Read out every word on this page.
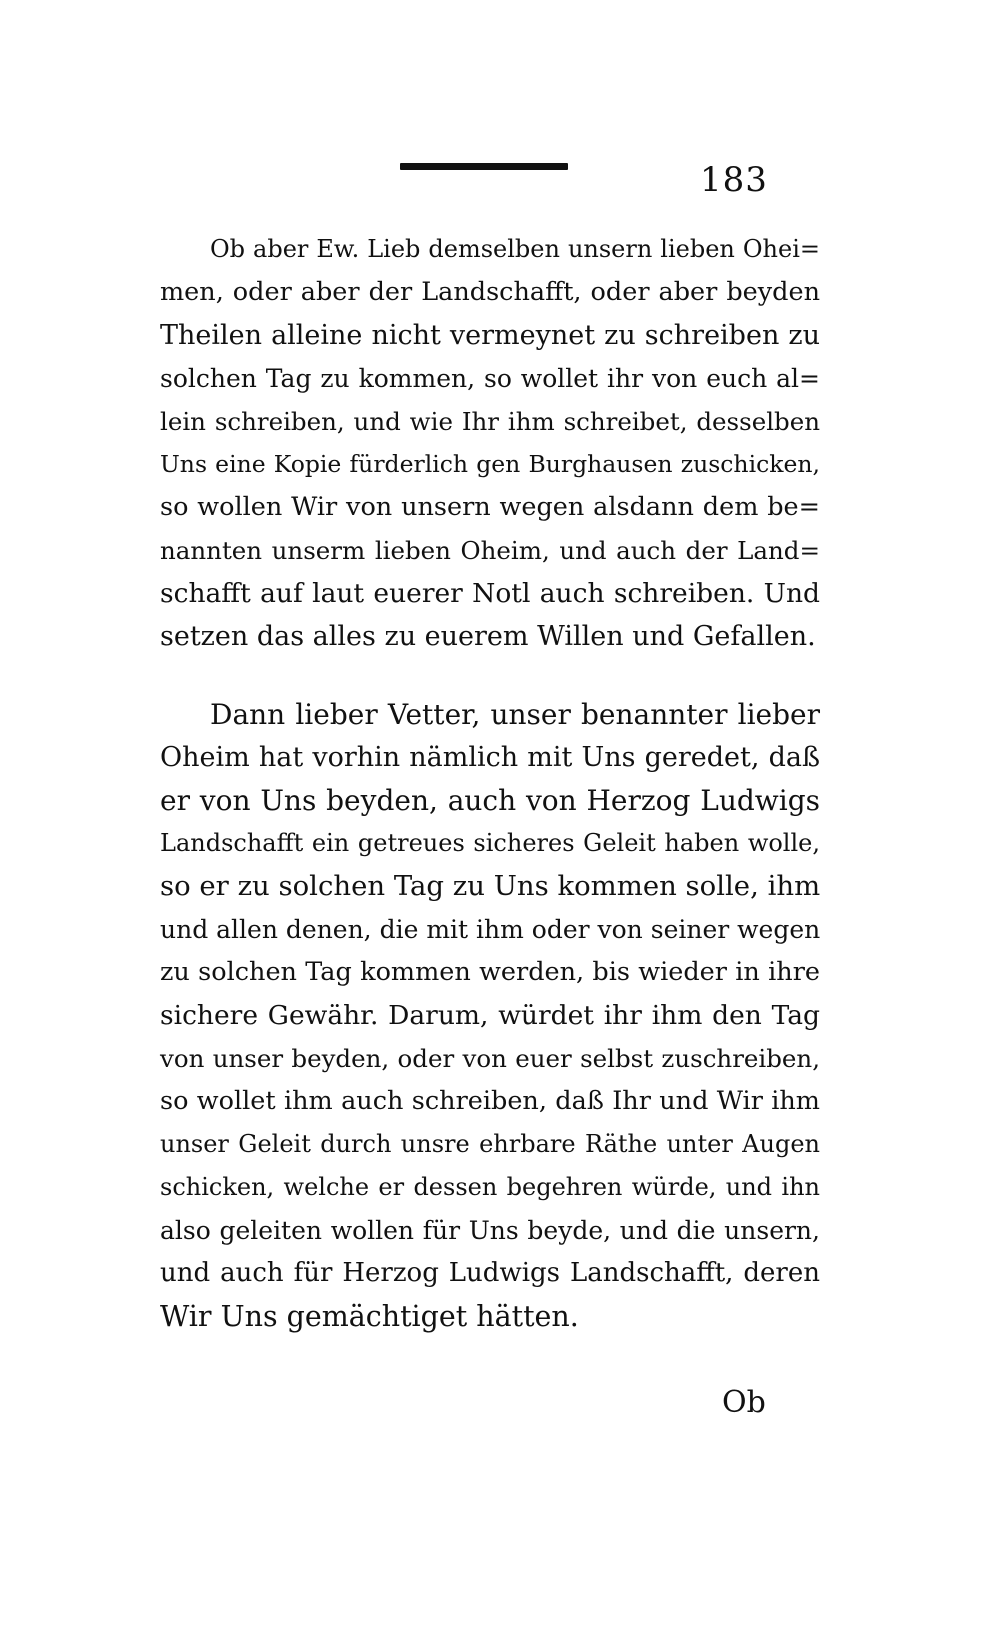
183
Ob aber Ew. Lieb demselben unsern lieben Ohei=
men, oder aber der Landschafft, oder aber beyden
Theilen alleine nicht vermeynet zu schreiben zu
solchen Tag zu kommen, so wollet ihr von euch al=
lein schreiben, und wie Ihr ihm schreibet, desselben
Uns eine Kopie fürderlich gen Burghausen zuschicken,
so wollen Wir von unsern wegen alsdann dem be=
nannten unserm lieben Oheim, und auch der Land=
schafft auf laut euerer Notl auch schreiben. Und
setzen das alles zu euerem Willen und Gefallen.
Dann lieber Vetter, unser benannter lieber
Oheim hat vorhin nämlich mit Uns geredet, daß
er von Uns beyden, auch von Herzog Ludwigs
Landschafft ein getreues sicheres Geleit haben wolle,
so er zu solchen Tag zu Uns kommen solle, ihm
und allen denen, die mit ihm oder von seiner wegen
zu solchen Tag kommen werden, bis wieder in ihre
sichere Gewähr. Darum, würdet ihr ihm den Tag
von unser beyden, oder von euer selbst zuschreiben,
so wollet ihm auch schreiben, daß Ihr und Wir ihm
unser Geleit durch unsre ehrbare Räthe unter Augen
schicken, welche er dessen begehren würde, und ihn
also geleiten wollen für Uns beyde, und die unsern,
und auch für Herzog Ludwigs Landschafft, deren
Wir Uns gemächtiget hätten.
Ob
